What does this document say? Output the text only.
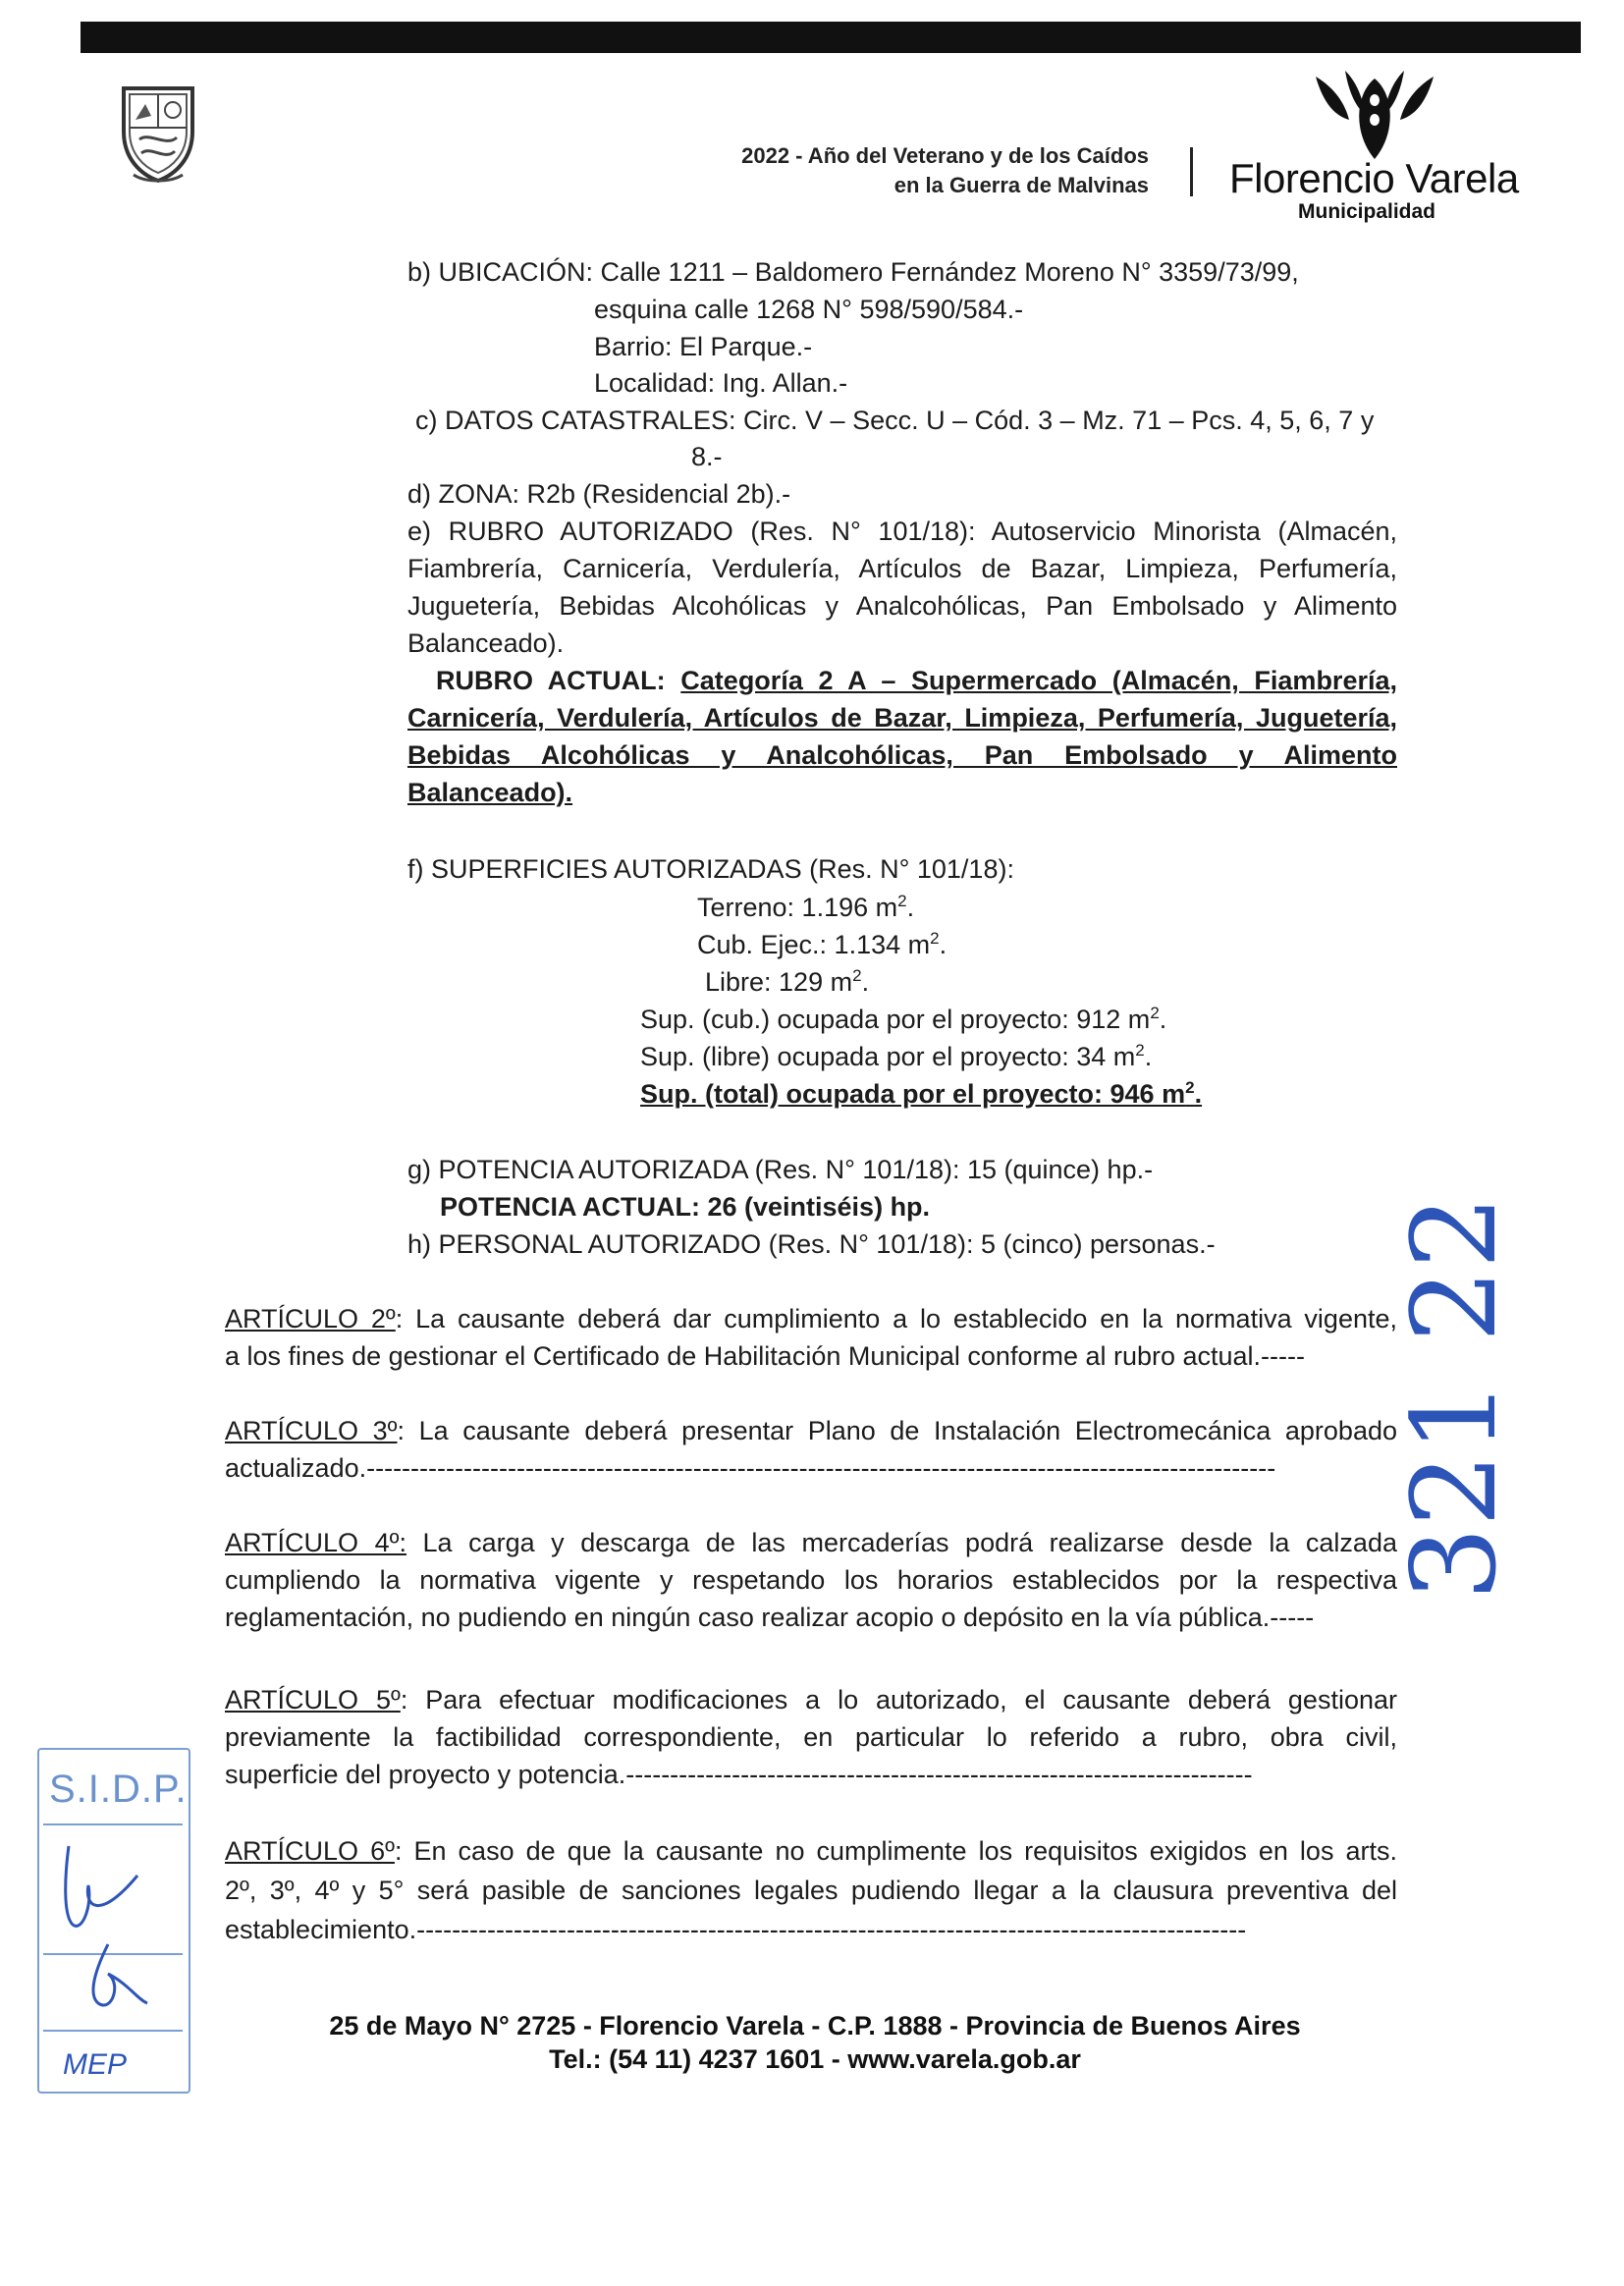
2022 - Año del Veterano y de los Caídos
en la Guerra de Malvinas Florencio Varela
Municipalidad
b) UBICACIÓN: Calle 1211 – Baldomero Fernández Moreno N° 3359/73/99,
esquina calle 1268 N° 598/590/584.-
Barrio: El Parque.-
Localidad: Ing. Allan.-
c) DATOS CATASTRALES: Circ. V – Secc. U – Cód. 3 – Mz. 71 – Pcs. 4, 5, 6, 7 y
8.-
d) ZONA: R2b (Residencial 2b).-
e) RUBRO AUTORIZADO (Res. N° 101/18): Autoservicio Minorista (Almacén,
Fiambrería, Carnicería, Verdulería, Artículos de Bazar, Limpieza, Perfumería,
Juguetería, Bebidas Alcohólicas y Analcohólicas, Pan Embolsado y Alimento
Balanceado).
RUBRO ACTUAL: Categoría 2 A – Supermercado (Almacén, Fiambrería,
Carnicería, Verdulería, Artículos de Bazar, Limpieza, Perfumería, Juguetería,
Bebidas Alcohólicas y Analcohólicas, Pan Embolsado y Alimento
Balanceado).
f) SUPERFICIES AUTORIZADAS (Res. N° 101/18):
Terreno: 1.196 $m^2$.
Cub. Ejec.: 1.134 $m^2$.
Libre: 129 $m^2$.
Sup. (cub.) ocupada por el proyecto: 912 $m^2$.
Sup. (libre) ocupada por el proyecto: 34 $m^2$.
Sup. (total) ocupada por el proyecto: 946 $m^2$.
g) POTENCIA AUTORIZADA (Res. N° 101/18): 15 (quince) hp.-
POTENCIA ACTUAL: 26 (veintiséis) hp.
h) PERSONAL AUTORIZADO (Res. N° 101/18): 5 (cinco) personas.-
ARTÍCULO 2º: La causante deberá dar cumplimiento a lo establecido en la normativa vigente,
a los fines de gestionar el Certificado de Habilitación Municipal conforme al rubro actual.-----
ARTÍCULO 3º: La causante deberá presentar Plano de Instalación Electromecánica aprobado
actualizado.-------------------------------------------------------------------------------------------------------
ARTÍCULO 4º: La carga y descarga de las mercaderías podrá realizarse desde la calzada
cumpliendo la normativa vigente y respetando los horarios establecidos por la respectiva
reglamentación, no pudiendo en ningún caso realizar acopio o depósito en la vía pública.-----
ARTÍCULO 5º: Para efectuar modificaciones a lo autorizado, el causante deberá gestionar
previamente la factibilidad correspondiente, en particular lo referido a rubro, obra civil,
superficie del proyecto y potencia.-----------------------------------------------------------------------
ARTÍCULO 6º: En caso de que la causante no cumplimente los requisitos exigidos en los arts.
2º, 3º, 4º y 5° será pasible de sanciones legales pudiendo llegar a la clausura preventiva del
establecimiento.----------------------------------------------------------------------------------------------
25 de Mayo N° 2725 - Florencio Varela - C.P. 1888 - Provincia de Buenos Aires
Tel.: (54 11) 4237 1601 - www.varela.gob.ar
S.I.D.P.
MEP
321 22
